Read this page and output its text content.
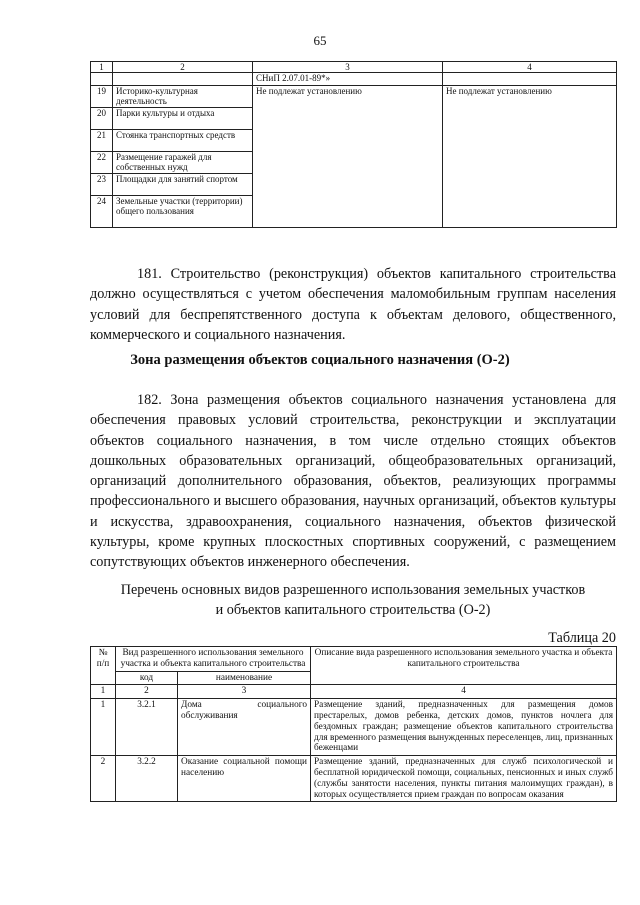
65
1	2	3	4
		СНиП 2.07.01-89*»	
19	Историко-культурная деятельность	Не подлежат установлению	Не подлежат установлению
20	Парки культуры и отдыха		
21	Стоянка транспортных средств		
22	Размещение гаражей для собственных нужд		
23	Площадки для занятий спортом		
24	Земельные участки (территории) общего пользования		
181. Строительство (реконструкция) объектов капитального строительства должно осуществляться с учетом обеспечения маломобильным группам населения условий для беспрепятственного доступа к объектам делового, общественного, коммерческого и социального назначения.
Зона размещения объектов социального назначения (О-2)
182. Зона размещения объектов социального назначения установлена для обеспечения правовых условий строительства, реконструкции и эксплуатации объектов социального назначения, в том числе отдельно стоящих объектов дошкольных образовательных организаций, общеобразовательных организаций, организаций дополнительного образования, объектов, реализующих программы профессионального и высшего образования, научных организаций, объектов культуры и искусства, здравоохранения, социального назначения, объектов физической культуры, кроме крупных плоскостных спортивных сооружений, с размещением сопутствующих объектов инженерного обеспечения.
Перечень основных видов разрешенного использования земельных участков
и объектов капитального строительства (О-2)
Таблица 20
№ п/п	Вид разрешенного использования земельного участка и объекта капитального строительства		Описание вида разрешенного использования земельного участка и объекта капитального строительства
	код	наименование	
1	2	3	4
1	3.2.1	Дома социального обслуживания	Размещение зданий, предназначенных для размещения домов престарелых, домов ребенка, детских домов, пунктов ночлега для бездомных граждан; размещение объектов капитального строительства для временного размещения вынужденных переселенцев, лиц, признанных беженцами
2	3.2.2	Оказание социальной помощи населению	Размещение зданий, предназначенных для служб психологической и бесплатной юридической помощи, социальных, пенсионных и иных служб (службы занятости населения, пункты питания малоимущих граждан), в которых осуществляется прием граждан по вопросам оказания
